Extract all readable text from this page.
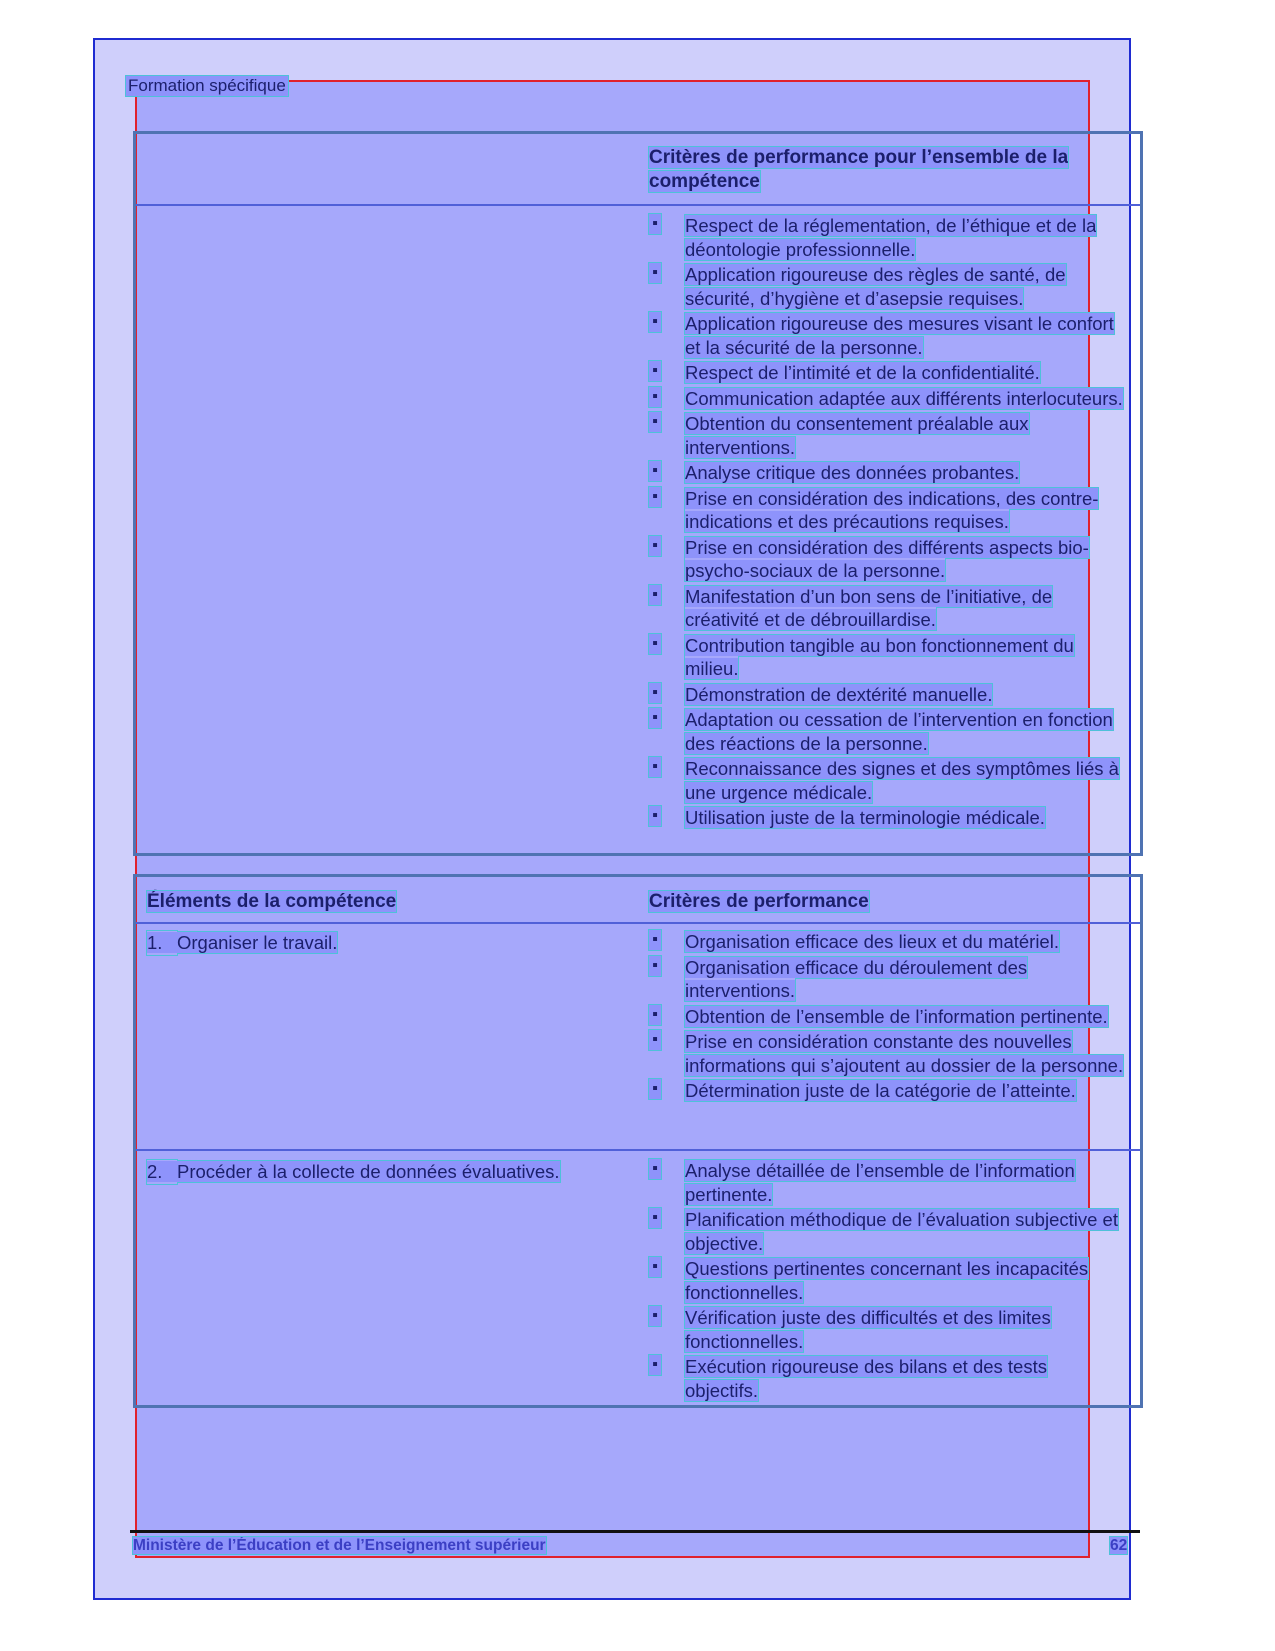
Formation spécifique
Critères de performance pour l’ensemble de la compétence
▪ Respect de la réglementation, de l’éthique et de la déontologie professionnelle.
▪ Application rigoureuse des règles de santé, de sécurité, d’hygiène et d’asepsie requises.
▪ Application rigoureuse des mesures visant le confort et la sécurité de la personne.
▪ Respect de l’intimité et de la confidentialité.
▪ Communication adaptée aux différents interlocuteurs.
▪ Obtention du consentement préalable aux interventions.
▪ Analyse critique des données probantes.
▪ Prise en considération des indications, des contre-indications et des précautions requises.
▪ Prise en considération des différents aspects bio-psycho-sociaux de la personne.
▪ Manifestation d’un bon sens de l’initiative, de créativité et de débrouillardise.
▪ Contribution tangible au bon fonctionnement du milieu.
▪ Démonstration de dextérité manuelle.
▪ Adaptation ou cessation de l’intervention en fonction des réactions de la personne.
▪ Reconnaissance des signes et des symptômes liés à une urgence médicale.
▪ Utilisation juste de la terminologie médicale.
Éléments de la compétence	Critères de performance
1. Organiser le travail.	▪ Organisation efficace des lieux et du matériel.
▪ Organisation efficace du déroulement des interventions.
▪ Obtention de l’ensemble de l’information pertinente.
▪ Prise en considération constante des nouvelles informations qui s’ajoutent au dossier de la personne.
▪ Détermination juste de la catégorie de l’atteinte.
2. Procéder à la collecte de données évaluatives.	▪ Analyse détaillée de l’ensemble de l’information pertinente.
▪ Planification méthodique de l’évaluation subjective et objective.
▪ Questions pertinentes concernant les incapacités fonctionnelles.
▪ Vérification juste des difficultés et des limites fonctionnelles.
▪ Exécution rigoureuse des bilans et des tests objectifs.
Ministère de l’Éducation et de l’Enseignement supérieur	62
